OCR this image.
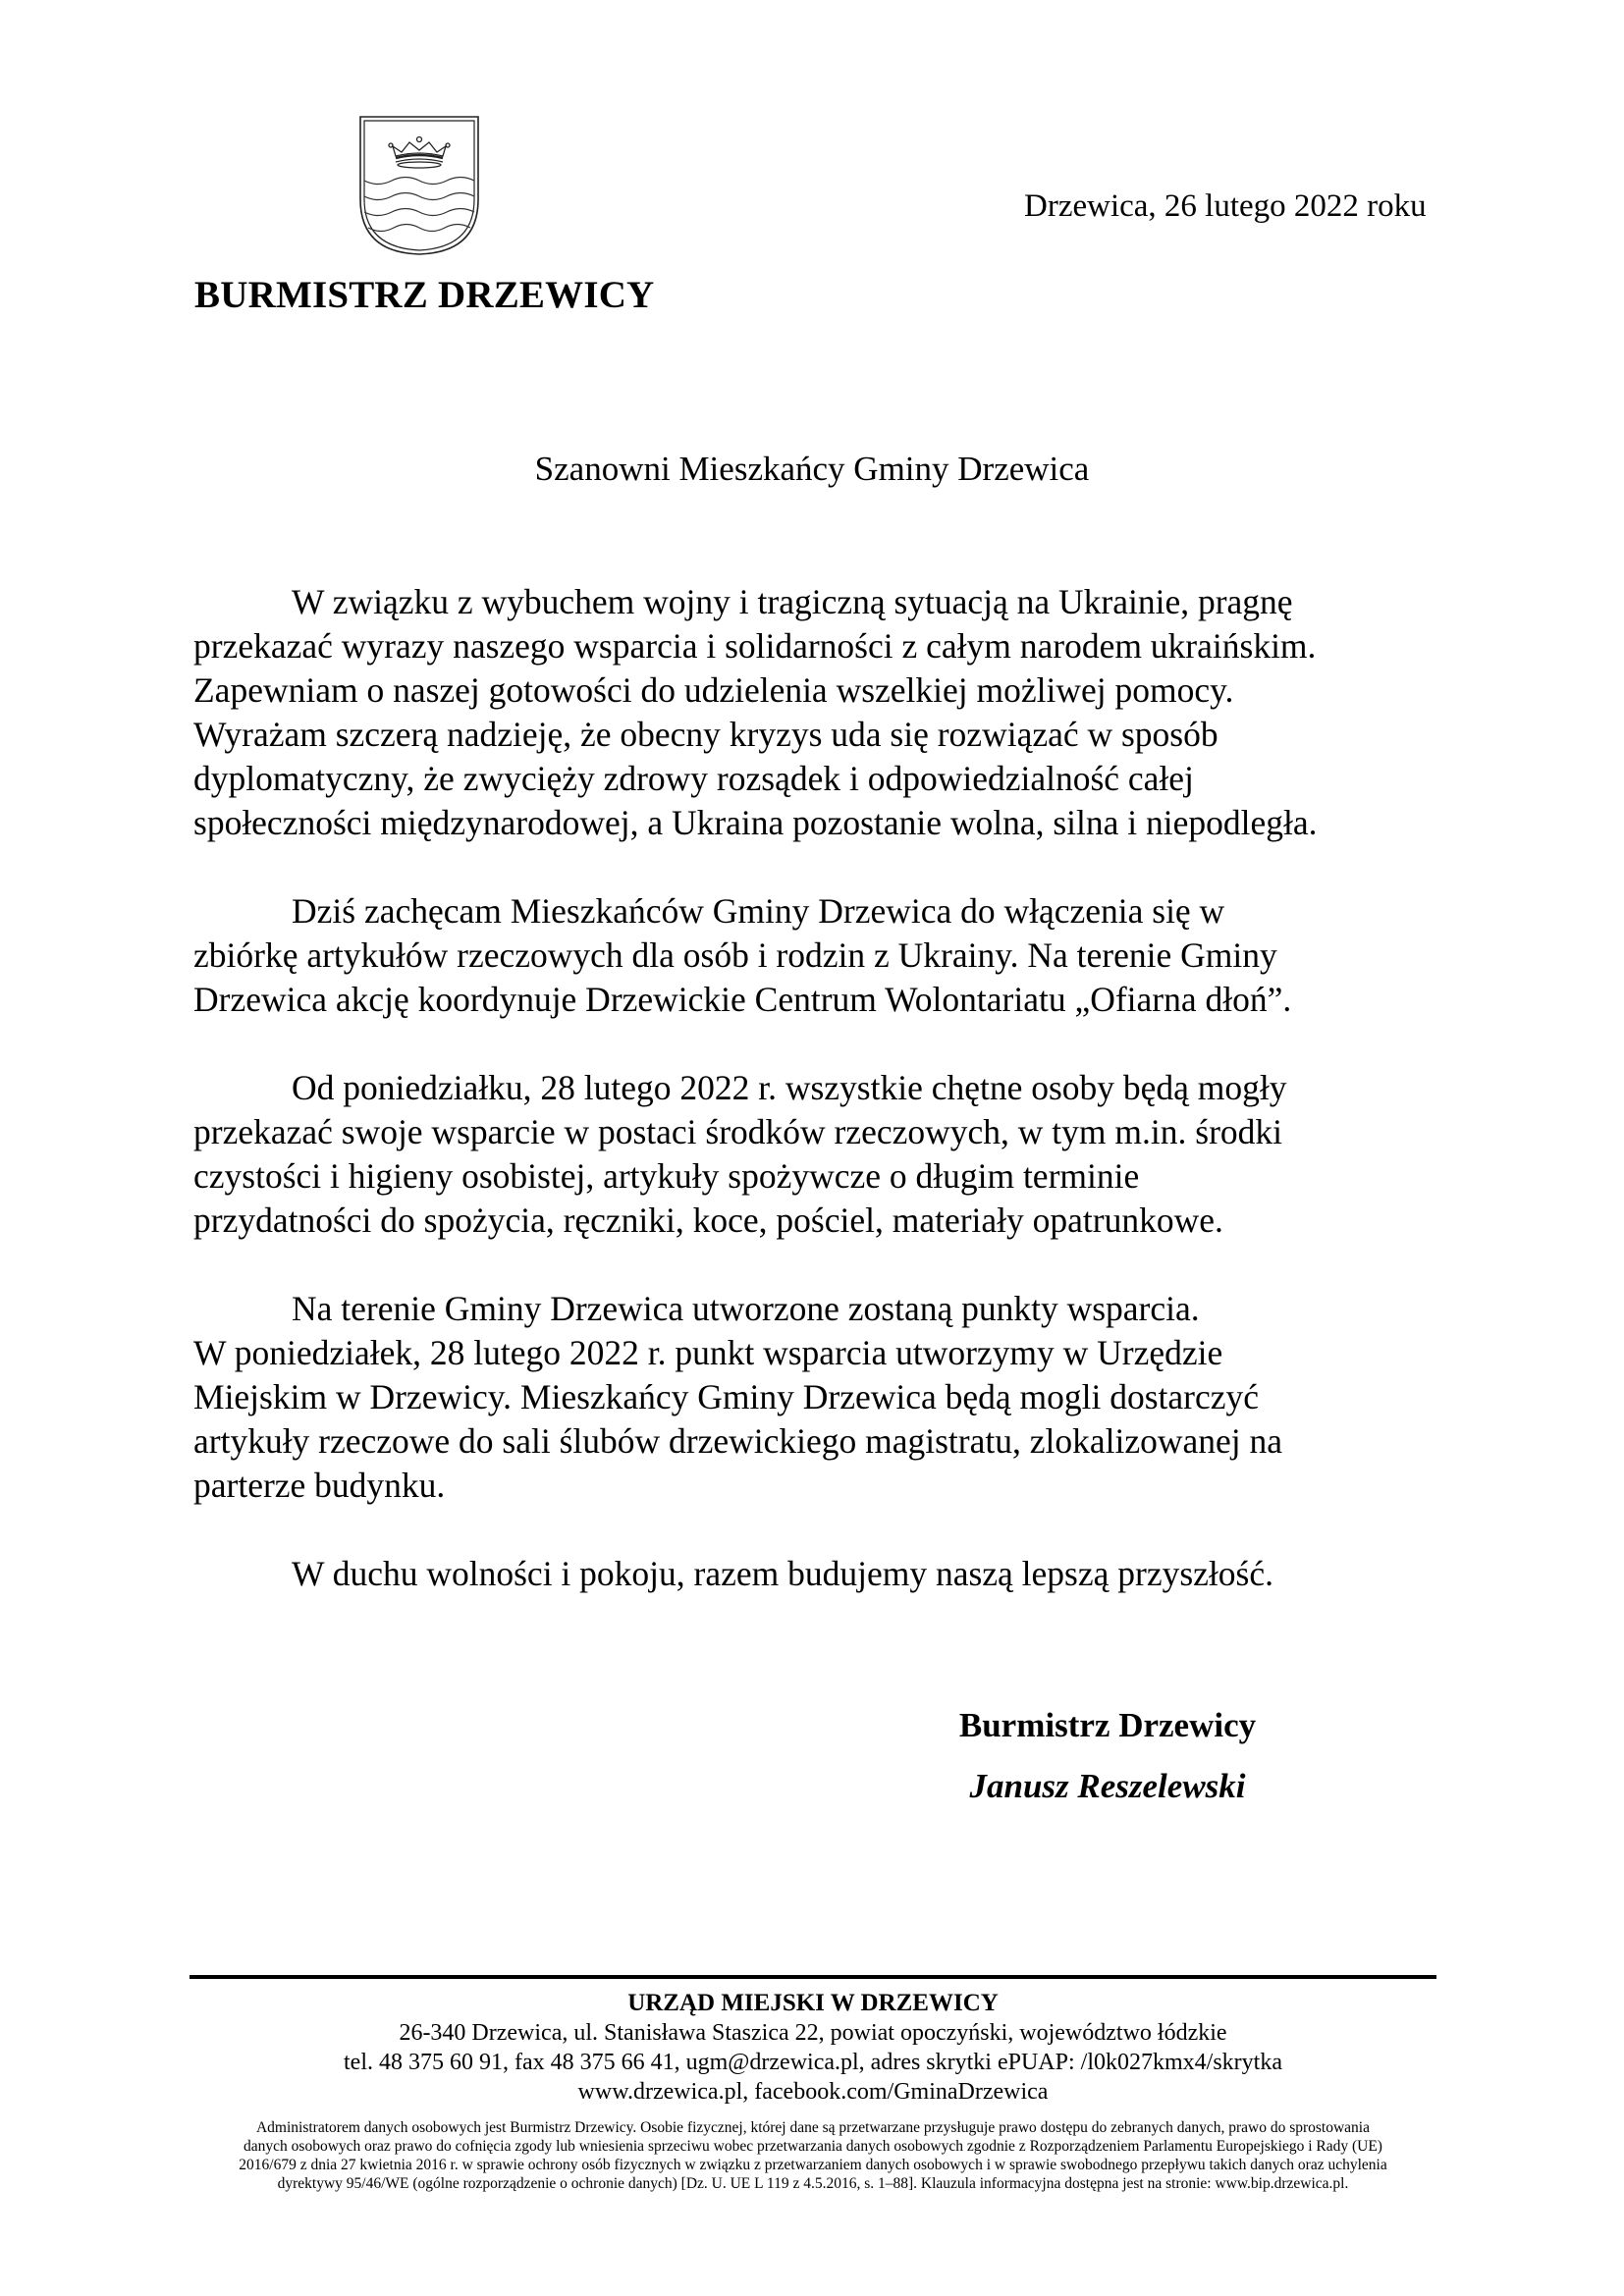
BURMISTRZ DRZEWICY
Drzewica, 26 lutego 2022 roku
Szanowni Mieszkańcy Gminy Drzewica
W związku z wybuchem wojny i tragiczną sytuacją na Ukrainie, pragnę
przekazać wyrazy naszego wsparcia i solidarności z całym narodem ukraińskim.
Zapewniam o naszej gotowości do udzielenia wszelkiej możliwej pomocy.
Wyrażam szczerą nadzieję, że obecny kryzys uda się rozwiązać w sposób
dyplomatyczny, że zwycięży zdrowy rozsądek i odpowiedzialność całej
społeczności międzynarodowej, a Ukraina pozostanie wolna, silna i niepodległa.
Dziś zachęcam Mieszkańców Gminy Drzewica do włączenia się w
zbiórkę artykułów rzeczowych dla osób i rodzin z Ukrainy. Na terenie Gminy
Drzewica akcję koordynuje Drzewickie Centrum Wolontariatu „Ofiarna dłoń”.
Od poniedziałku, 28 lutego 2022 r. wszystkie chętne osoby będą mogły
przekazać swoje wsparcie w postaci środków rzeczowych, w tym m.in. środki
czystości i higieny osobistej, artykuły spożywcze o długim terminie
przydatności do spożycia, ręczniki, koce, pościel, materiały opatrunkowe.
Na terenie Gminy Drzewica utworzone zostaną punkty wsparcia.
W poniedziałek, 28 lutego 2022 r. punkt wsparcia utworzymy w Urzędzie
Miejskim w Drzewicy. Mieszkańcy Gminy Drzewica będą mogli dostarczyć
artykuły rzeczowe do sali ślubów drzewickiego magistratu, zlokalizowanej na
parterze budynku.
W duchu wolności i pokoju, razem budujemy naszą lepszą przyszłość.
Burmistrz Drzewicy
Janusz Reszelewski
URZĄD MIEJSKI W DRZEWICY
26-340 Drzewica, ul. Stanisława Staszica 22, powiat opoczyński, województwo łódzkie
tel. 48 375 60 91, fax 48 375 66 41, ugm@drzewica.pl, adres skrytki ePUAP: /l0k027kmx4/skrytka
www.drzewica.pl, facebook.com/GminaDrzewica
Administratorem danych osobowych jest Burmistrz Drzewicy. Osobie fizycznej, której dane są przetwarzane przysługuje prawo dostępu do zebranych danych, prawo do sprostowania
danych osobowych oraz prawo do cofnięcia zgody lub wniesienia sprzeciwu wobec przetwarzania danych osobowych zgodnie z Rozporządzeniem Parlamentu Europejskiego i Rady (UE)
2016/679 z dnia 27 kwietnia 2016 r. w sprawie ochrony osób fizycznych w związku z przetwarzaniem danych osobowych i w sprawie swobodnego przepływu takich danych oraz uchylenia
dyrektywy 95/46/WE (ogólne rozporządzenie o ochronie danych) [Dz. U. UE L 119 z 4.5.2016, s. 1–88]. Klauzula informacyjna dostępna jest na stronie: www.bip.drzewica.pl.
